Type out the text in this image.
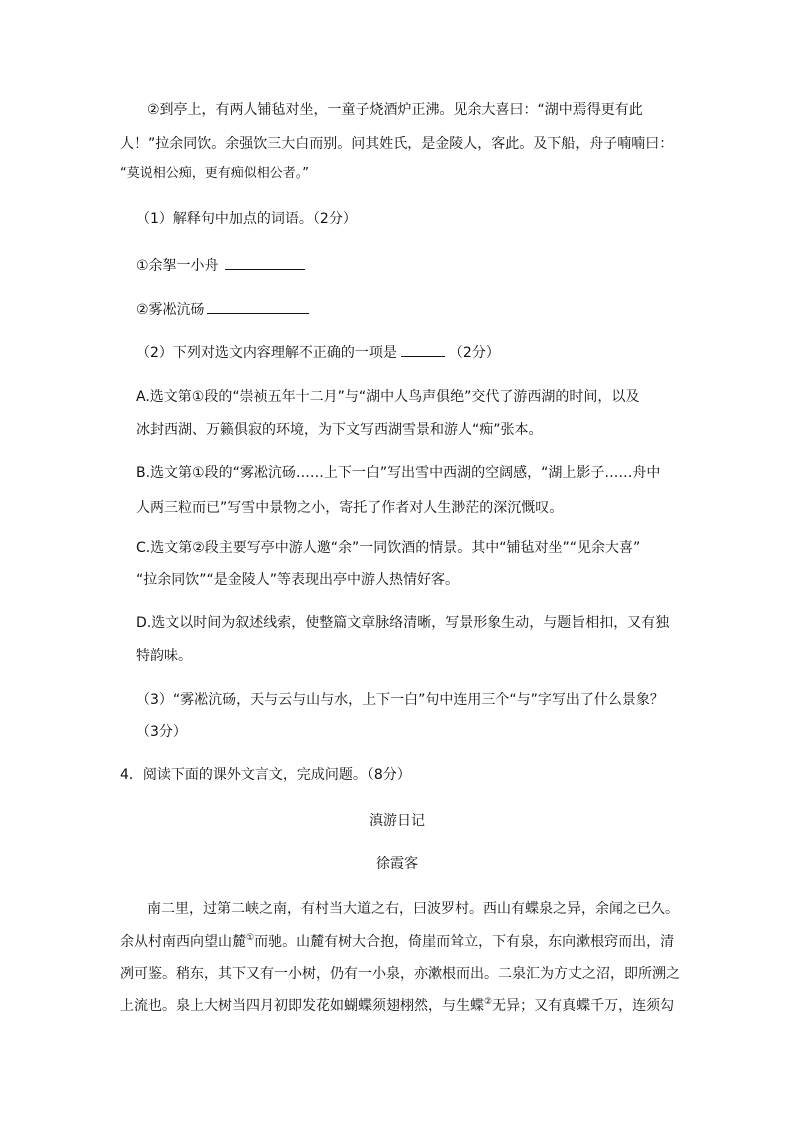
②到亭上，有两人铺毡对坐，一童子烧酒炉正沸。见余大喜曰：“湖中焉得更有此
人！”拉余同饮。余强饮三大白而别。问其姓氏，是金陵人，客此。及下船，舟子喃喃曰：
“莫说相公痴，更有痴似相公者。”
（1）解释句中加点的词语。（2分）
①余挐一小舟
②雾凇沆砀
（2）下列对选文内容理解不正确的一项是	（2分）
A.选文第①段的“崇祯五年十二月”与“湖中人鸟声俱绝”交代了游西湖的时间，以及
冰封西湖、万籁俱寂的环境，为下文写西湖雪景和游人“痴”张本。
B.选文第①段的“雾凇沆砀……上下一白”写出雪中西湖的空阔感，“湖上影子……舟中
人两三粒而已”写雪中景物之小，寄托了作者对人生渺茫的深沉慨叹。
C.选文第②段主要写亭中游人邀“余”一同饮酒的情景。其中“铺毡对坐”“见余大喜”
“拉余同饮”“是金陵人”等表现出亭中游人热情好客。
D.选文以时间为叙述线索，使整篇文章脉络清晰，写景形象生动，与题旨相扣，又有独
特韵味。
（3）“雾凇沆砀，天与云与山与水，上下一白”句中连用三个“与”字写出了什么景象？
（3分）
4．阅读下面的课外文言文，完成问题。（8分）
滇游日记
徐霞客
南二里，过第二峡之南，有村当大道之右，曰波罗村。西山有蝶泉之异，余闻之已久。
余从村南西向望山麓①而驰。山麓有树大合抱，倚崖而耸立，下有泉，东向漱根窍而出，清
冽可鉴。稍东，其下又有一小树，仍有一小泉，亦漱根而出。二泉汇为方丈之沼，即所溯之
上流也。泉上大树当四月初即发花如蝴蝶须翅栩然，与生蝶②无异；又有真蝶千万，连须勾
